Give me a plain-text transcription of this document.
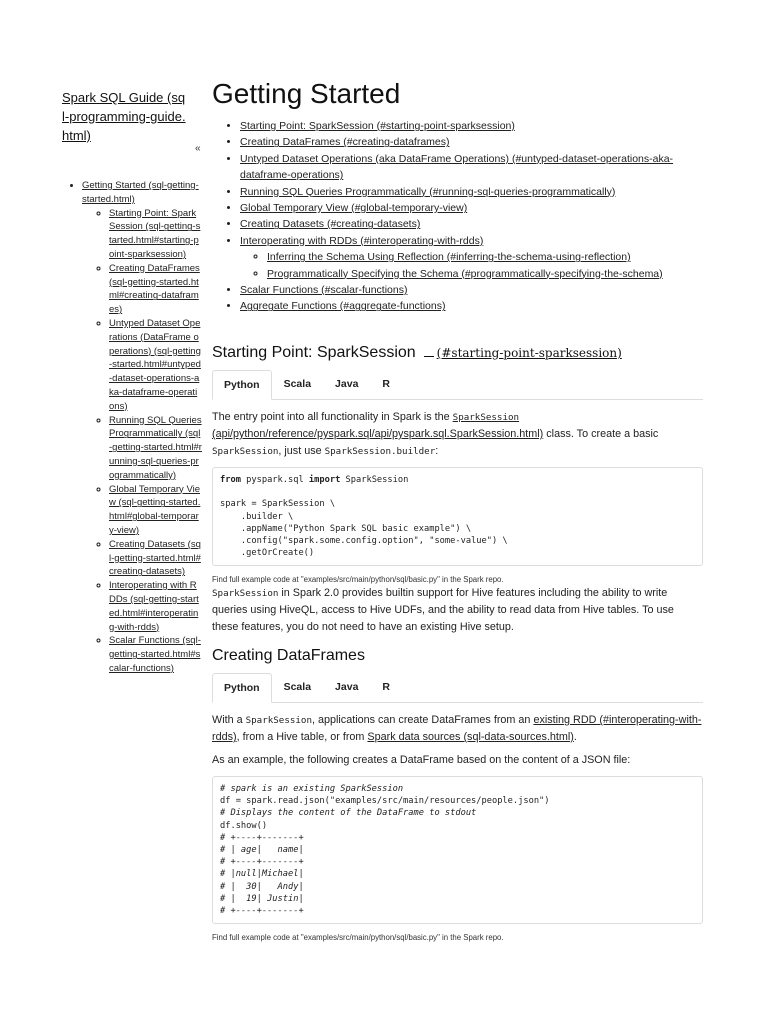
Spark SQL Guide (sql-programming-guide.html)
«
• Getting Started (sql-getting-started.html)
◦ Starting Point: SparkSession (sql-getting-started.html#starting-point-sparksession)
◦ Creating DataFrames (sql-getting-started.html#creating-dataframes)
◦ Untyped Dataset Operations (DataFrame operations) (sql-getting-started.html#untyped-dataset-operations-aka-dataframe-operations)
◦ Running SQL Queries Programmatically (sql-getting-started.html#running-sql-queries-programmatically)
◦ Global Temporary View (sql-getting-started.html#global-temporary-view)
◦ Creating Datasets (sql-getting-started.html#creating-datasets)
◦ Interoperating with RDDs (sql-getting-started.html#interoperating-with-rdds)
◦ Scalar Functions (sql-getting-started.html#scalar-functions)
Getting Started
• Starting Point: SparkSession (#starting-point-sparksession)
• Creating DataFrames (#creating-dataframes)
• Untyped Dataset Operations (aka DataFrame Operations) (#untyped-dataset-operations-aka-dataframe-operations)
• Running SQL Queries Programmatically (#running-sql-queries-programmatically)
• Global Temporary View (#global-temporary-view)
• Creating Datasets (#creating-datasets)
• Interoperating with RDDs (#interoperating-with-rdds)
◦ Inferring the Schema Using Reflection (#inferring-the-schema-using-reflection)
◦ Programmatically Specifying the Schema (#programmatically-specifying-the-schema)
• Scalar Functions (#scalar-functions)
• Aggregate Functions (#aggregate-functions)
Starting Point: SparkSession	(#starting-point-sparksession)
Python	Scala	Java	R

The entry point into all functionality in Spark is the SparkSession (api/python/reference/pyspark.sql/api/pyspark.sql.SparkSession.html) class. To create a basic SparkSession, just use SparkSession.builder:

from pyspark.sql import SparkSession

spark = SparkSession \
.builder \
.appName("Python Spark SQL basic example") \
.config("spark.some.config.option", "some-value") \
.getOrCreate()
Find full example code at "examples/src/main/python/sql/basic.py" in the Spark repo.

SparkSession in Spark 2.0 provides builtin support for Hive features including the ability to write queries using HiveQL, access to Hive UDFs, and the ability to read data from Hive tables. To use these features, you do not need to have an existing Hive setup.

Creating DataFrames
Python	Scala	Java	R

With a SparkSession, applications can create DataFrames from an existing RDD (#interoperating-with-rdds), from a Hive table, or from Spark data sources (sql-data-sources.html).

As an example, the following creates a DataFrame based on the content of a JSON file:

# spark is an existing SparkSession
df = spark.read.json("examples/src/main/resources/people.json")
# Displays the content of the DataFrame to stdout
df.show()
# +----+-------+
# | age|   name|
# +----+-------+
# |null|Michael|
# |  30|   Andy|
# |  19| Justin|
# +----+-------+
Find full example code at "examples/src/main/python/sql/basic.py" in the Spark repo.
